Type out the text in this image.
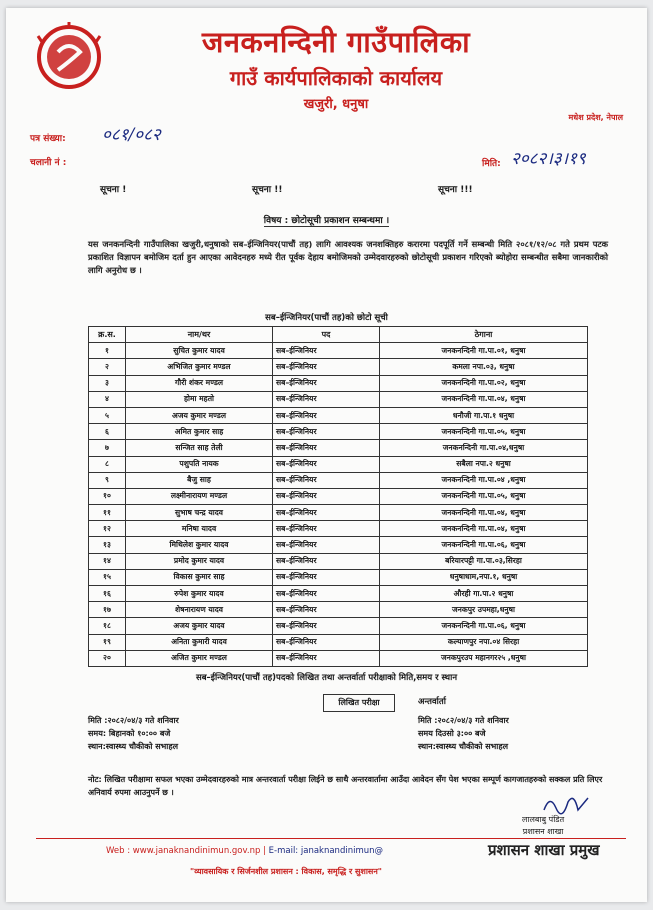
जनकनन्दिनी गाउँपालिका
गाउँ कार्यपालिकाको कार्यालय
खजुरी, धनुषा
मधेश प्रदेश, नेपाल
पत्र संख्या: ०८१/०८२
चलानी नं :	मिति: २०८२।३।१९
सूचना !	सूचना !!	सूचना !!!
विषय : छोटोसूची प्रकाशन सम्बन्धमा ।
यस जनकनन्दिनी गाउँपालिका खजुरी,धनुषाको सब–ईन्जिनियर(पाचौं तह) लागि आवश्यक जनशक्तिहरु करारमा पदपूर्ति गर्ने सम्बन्धी मिति २०८१/१२/०८ गते प्रथम पटक प्रकाशित विज्ञापन बमोजिम दर्ता हुन आएका आवेदनहरु मध्ये रीत पूर्वक देहाय बमोजिमको उम्मेदवारहरुको छोटोसूची प्रकाशन गरिएको ब्योहोरा सम्बन्धीत सबैमा जानकारीको लागि अनुरोध छ ।
सब–ईन्जिनियर(पाचौं तह)को छोटो सूची
क्र.स.	नाम/थर	पद	ठेगाना
१	सुचित कुमार यादव	सब–ईन्जिनियर	जनकनन्दिनी गा.पा.०१, धनुषा
२	अभिजित कुमार मण्डल	सब–ईन्जिनियर	कमला नपा.०३, धनुषा
३	गौरी शंकर मण्डल	सब–ईन्जिनियर	जनकनन्दिनी गा.पा.०२, धनुषा
४	होमा महतो	सब–ईन्जिनियर	जनकनन्दिनी गा.पा.०४, धनुषा
५	अजय कुमार मण्डल	सब–ईन्जिनियर	धनौजी गा.पा.१ धनुषा
६	अमित कुमार साह	सब–ईन्जिनियर	जनकनन्दिनी गा.पा.०५, धनुषा
७	सन्जित साह तेली	सब–ईन्जिनियर	जनकनन्दिनी गा.पा.०४,धनुषा
८	पशुपति नायक	सब–ईन्जिनियर	सबैला नपा.२ धनुषा
९	बैजु साह	सब–ईन्जिनियर	जनकनन्दिनी गा.पा.०४ ,धनुषा
१०	लक्ष्मीनारायण मण्डल	सब–ईन्जिनियर	जनकनन्दिनी गा.पा.०५, धनुषा
११	सुभाष चन्द्र यादव	सब–ईन्जिनियर	जनकनन्दिनी गा.पा.०४, धनुषा
१२	मनिषा यादव	सब–ईन्जिनियर	जनकनन्दिनी गा.पा.०४, धनुषा
१३	मिथिलेश कुमार यादव	सब–ईन्जिनियर	जनकनन्दिनी गा.पा.०६, धनुषा
१४	प्रमोद कुमार यादव	सब–ईन्जिनियर	बरियारपट्टी गा.पा.०३,सिरहा
१५	विकास कुमार साह	सब–ईन्जिनियर	धनुषाधाम,नपा.१, धनुषा
१६	रुपेश कुमार यादव	सब–ईन्जिनियर	औरही गा.पा.२ धनुषा
१७	शेषनारायण यादव	सब–ईन्जिनियर	जनकपुर उपमहा,धनुषा
१८	अजय कुमार यादव	सब–ईन्जिनियर	जनकनन्दिनी गा.पा.०६, धनुषा
१९	अनिता कुमारी यादव	सब–ईन्जिनियर	कल्याणपुर नपा.०४ सिरहा
२०	अजित कुमार मण्डल	सब–ईन्जिनियर	जनकपुरउप महानगर२५ ,धनुषा
सब–ईन्जिनियर(पाचौं तह)पदको लिखित तथा अन्तर्वार्ता परीक्षाको मिति,समय र स्थान
लिखित परीक्षा	अन्तर्वार्ता
मिति :२०८२/०४/३ गते शनिवार
समय: बिहानको १०:०० बजे
स्थान:स्वास्थ्य चौकीको सभाहल
मिति :२०८२/०४/३ गते शनिवार
समय दिउसो ३:०० बजे
स्थान:स्वास्थ्य चौकीको सभाहल
नोट: लिखित परीक्षामा सफल भएका उम्मेदवारहरुको मात्र अन्तरवार्ता परीक्षा लिईने छ साथै अन्तरवार्तामा आउँदा आवेदन सँग पेश भएका सम्पूर्ण कागजातहरुको सक्कल प्रति लिएर अनिवार्य रुपमा आउनुपर्ने छ ।
लालबाबु पंडित
प्रशासन शाखा
Web : www.janaknandinimun.gov.np | E-mail: janaknandinimun@	प्रशासन शाखा प्रमुख
"व्यावसायिक र सिर्जनशील प्रशासन : विकास, समृद्धि र सुशासन"
